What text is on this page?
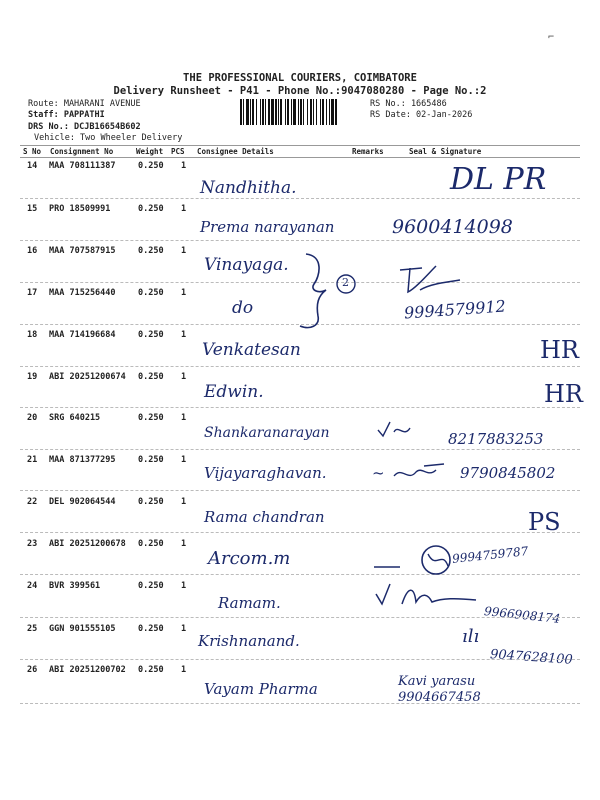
THE PROFESSIONAL COURIERS, COIMBATORE
Delivery Runsheet - P41 - Phone No.:9047080280 - Page No.:2
Route: MAHARANI AVENUE
Staff: PAPPATHI
DRS No.: DCJB16654B602
Vehicle: Two Wheeler Delivery
RS No.: 1665486
RS Date: 02-Jan-2026
S No Consignment No	Weight PCS Consignee Details	Remarks	Seal & Signature
14 MAA 708111387	0.250 1
Nandhitha.	DL PR
15 PRO 18509991	0.250 1
Prema narayanan	9600414098
16 MAA 707587915	0.250 1
Vinayaga.
17 MAA 715256440	0.250 1
do	9994579912
18 MAA 714196684	0.250 1
Venkatesan	HR
19 ABI 20251200674 0.250 1
Edwin.	HR
20 SRG 640215	0.250 1
Shankaranarayan	8217883253
21 MAA 871377295	0.250 1
Vijayaraghavan.	~	9790845802
22 DEL 902064544	0.250 1
Rama chandran	PS
23 ABI 20251200678 0.250 1
Arcom.m	9994759787
24 BVR 399561	0.250 1
Ramam.
9966908174
25 GGN 901555105	0.250 1
Krishnanand.	ılı
9047628100
26 ABI 20251200702 0.250 1
Vayam Pharma	Kavi yarasu 9904667458
2
⌐
